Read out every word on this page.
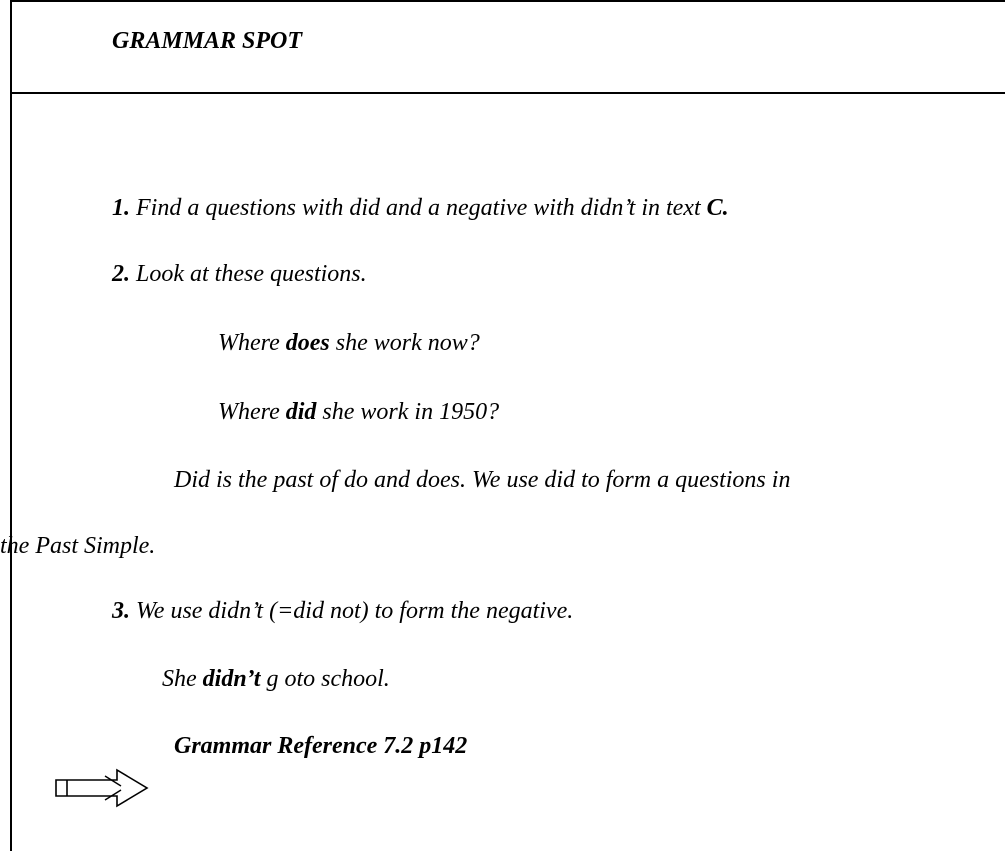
GRAMMAR SPOT
1. Find a questions with did and a negative with didn’t in text C.
2. Look at these questions.
Where does she work now?
Where did she work in 1950?
Did is the past of do and does. We use did to form a questions in
the Past Simple.
3. We use didn’t (=did not) to form the negative.
She didn’t g oto school.
Grammar Reference 7.2 p142
